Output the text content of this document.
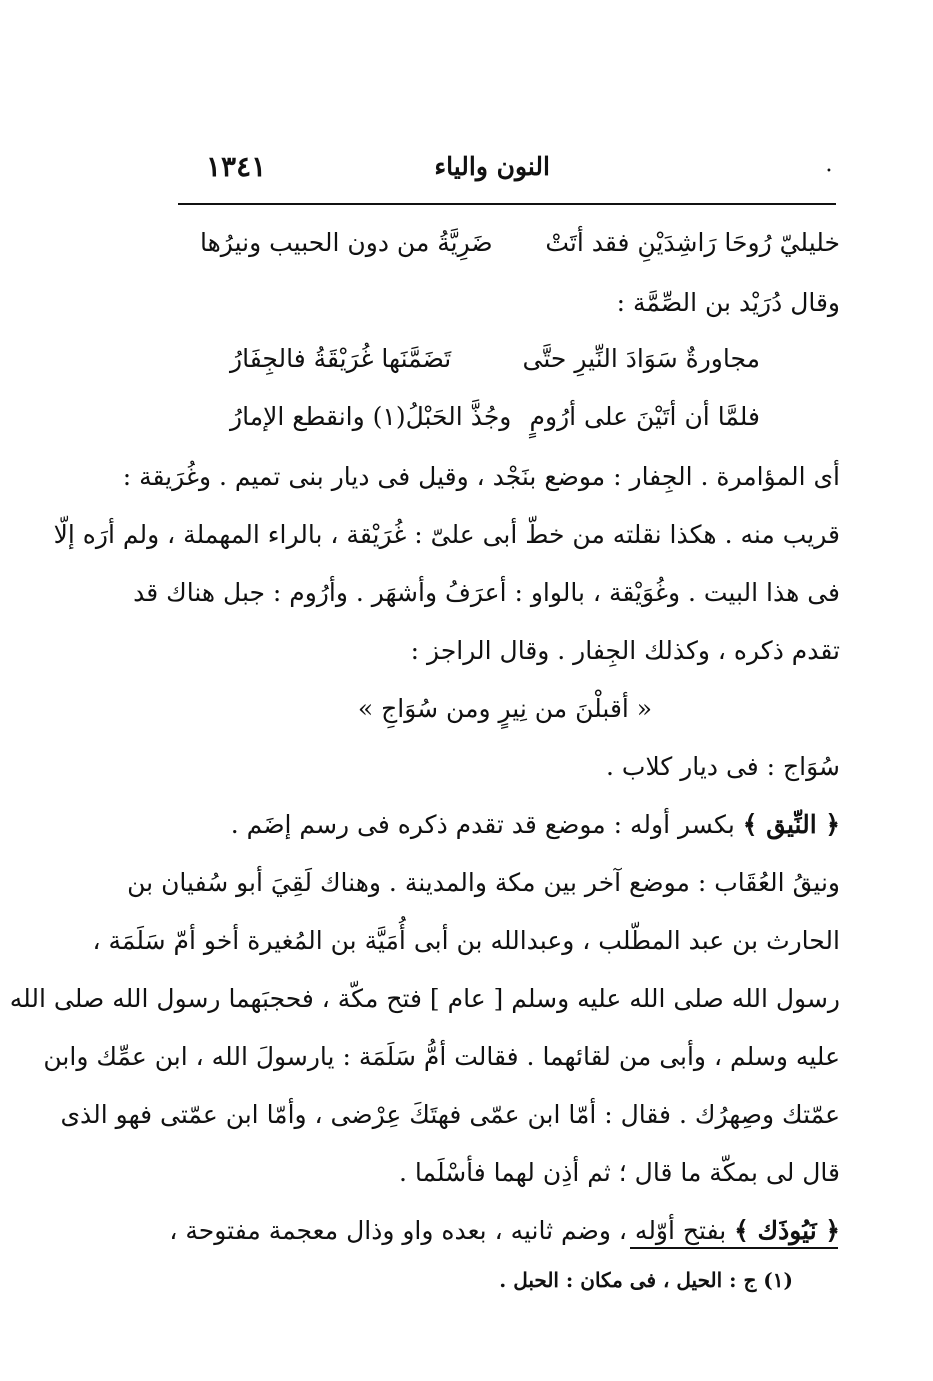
النون والياء
١٣٤١	•
خليليّ رُوحَا رَاشِدَيْنِ فقد أتَتْ
ضَرِيَّةُ من دون الحبيب ونيرُها
وقال دُرَيْد بن الصِّمَّة :
مجاورةٌ سَوَادَ النِّيرِ حتَّى
تَضَمَّنَها غُرَيْقَةُ فالجِفَارُ
فلمَّا أن أتَيْنَ على أرُومٍ
وجُذَّ الحَبْلُ(١) وانقطع الإمارُ
أى المؤامرة . الجِفار : موضع بنَجْد ، وقيل فى ديار بنى تميم . وغُرَيقة :
قريب منه . هكذا نقلته من خطّ أبى علىّ : غُرَيْقة ، بالراء المهملة ، ولم أرَه إلّا
فى هذا البيت . وغُوَيْقة ، بالواو : أعرَفُ وأشهَر . وأرُوم : جبل هناك قد
تقدم ذكره ، وكذلك الجِفار . وقال الراجز :
« أقبلْنَ من نِيرٍ ومن سُوَاجِ »
سُوَاج : فى ديار كلاب .
﴿ النِّيق ﴾ بكسر أوله : موضع قد تقدم ذكره فى رسم إضَم .
ونيقُ العُقَاب : موضع آخر بين مكة والمدينة . وهناك لَقِيَ أبو سُفيان بن
الحارث بن عبد المطّلب ، وعبدالله بن أبى أُمَيَّة بن المُغيرة أخو أمّ سَلَمَة ،
رسول الله صلى الله عليه وسلم [ عام ] فتح مكّة ، فحجبَهما رسول الله صلى الله
عليه وسلم ، وأبى من لقائهما . فقالت أمُّ سَلَمَة : يارسولَ الله ، ابن عمِّك وابن
عمّتك وصِهرُك . فقال : أمّا ابن عمّى فهتَكَ عِرْضى ، وأمّا ابن عمّتى فهو الذى
قال لى بمكّة ما قال ؛ ثم أذِن لهما فأسْلَما .
﴿ نَيُوذَك ﴾ بفتح أوّله ، وضم ثانيه ، بعده واو وذال معجمة مفتوحة ،
(١) ج : الحيل ، فى مكان : الحبل .
